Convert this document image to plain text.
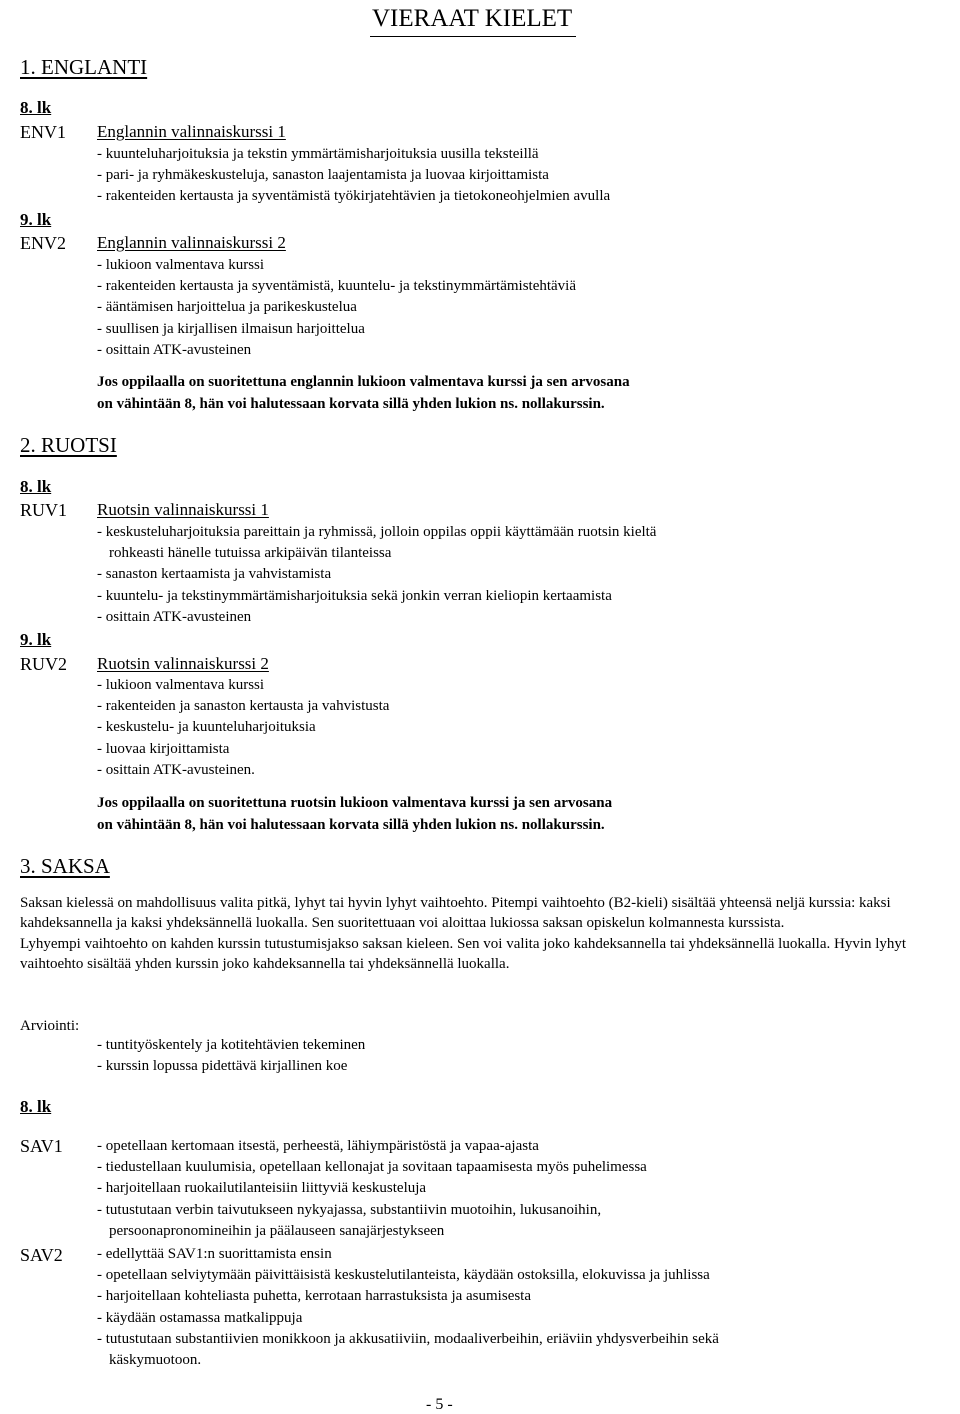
VIERAAT KIELET
1. ENGLANTI
8. lk
ENV1 Englannin valinnaiskurssi 1
- kuunteluharjoituksia ja tekstin ymmärtämisharjoituksia uusilla teksteillä
- pari- ja ryhmäkeskusteluja, sanaston laajentamista ja luovaa kirjoittamista
- rakenteiden kertausta ja syventämistä työkirjatehtävien ja tietokoneohjelmien avulla
9. lk
ENV2 Englannin valinnaiskurssi 2
- lukioon valmentava kurssi
- rakenteiden kertausta ja syventämistä, kuuntelu- ja tekstinymmärtämistehtäviä
- ääntämisen harjoittelua ja parikeskustelua
- suullisen ja kirjallisen ilmaisun harjoittelua
- osittain ATK-avusteinen
Jos oppilaalla on suoritettuna englannin lukioon valmentava kurssi ja sen arvosana
on vähintään 8, hän voi halutessaan korvata sillä yhden lukion ns. nollakurssin.
2. RUOTSI
8. lk
RUV1 Ruotsin valinnaiskurssi 1
- keskusteluharjoituksia pareittain ja ryhmissä, jolloin oppilas oppii käyttämään ruotsin kieltä
rohkeasti hänelle tutuissa arkipäivän tilanteissa
- sanaston kertaamista ja vahvistamista
- kuuntelu- ja tekstinymmärtämisharjoituksia sekä jonkin verran kieliopin kertaamista
- osittain ATK-avusteinen
9. lk
RUV2 Ruotsin valinnaiskurssi 2
- lukioon valmentava kurssi
- rakenteiden ja sanaston kertausta ja vahvistusta
- keskustelu- ja kuunteluharjoituksia
- luovaa kirjoittamista
- osittain ATK-avusteinen.
Jos oppilaalla on suoritettuna ruotsin lukioon valmentava kurssi ja sen arvosana
on vähintään 8, hän voi halutessaan korvata sillä yhden lukion ns. nollakurssin.
3. SAKSA

Saksan kielessä on mahdollisuus valita pitkä, lyhyt tai hyvin lyhyt vaihtoehto. Pitempi vaihtoehto (B2-kieli) sisältää yhteensä neljä kurssia: kaksi kahdeksannella ja kaksi yhdeksännellä luokalla. Sen suoritettuaan voi aloittaa lukiossa saksan opiskelun kolmannesta kurssista.

Lyhyempi vaihtoehto on kahden kurssin tutustumisjakso saksan kieleen. Sen voi valita joko kahdeksannella tai yhdeksännellä luokalla. Hyvin lyhyt vaihtoehto sisältää yhden kurssin joko kahdeksannella tai yhdeksännellä luokalla.

Arviointi:
- tuntityöskentely ja kotitehtävien tekeminen
- kurssin lopussa pidettävä kirjallinen koe
8. lk
SAV1 - opetellaan kertomaan itsestä, perheestä, lähiympäristöstä ja vapaa-ajasta
- tiedustellaan kuulumisia, opetellaan kellonajat ja sovitaan tapaamisesta myös puhelimessa
- harjoitellaan ruokailutilanteisiin liittyviä keskusteluja
- tutustutaan verbin taivutukseen nykyajassa, substantiivin muotoihin, lukusanoihin,
persoonapronomineihin ja päälauseen sanajärjestykseen
SAV2 - edellyttää SAV1:n suorittamista ensin
- opetellaan selviytymään päivittäisistä keskustelutilanteista, käydään ostoksilla, elokuvissa ja juhlissa
- harjoitellaan kohteliasta puhetta, kerrotaan harrastuksista ja asumisesta
- käydään ostamassa matkalippuja
- tutustutaan substantiivien monikkoon ja akkusatiiviin, modaaliverbeihin, eriäviin yhdysverbeihin sekä
käskymuotoon.
- 5 -
